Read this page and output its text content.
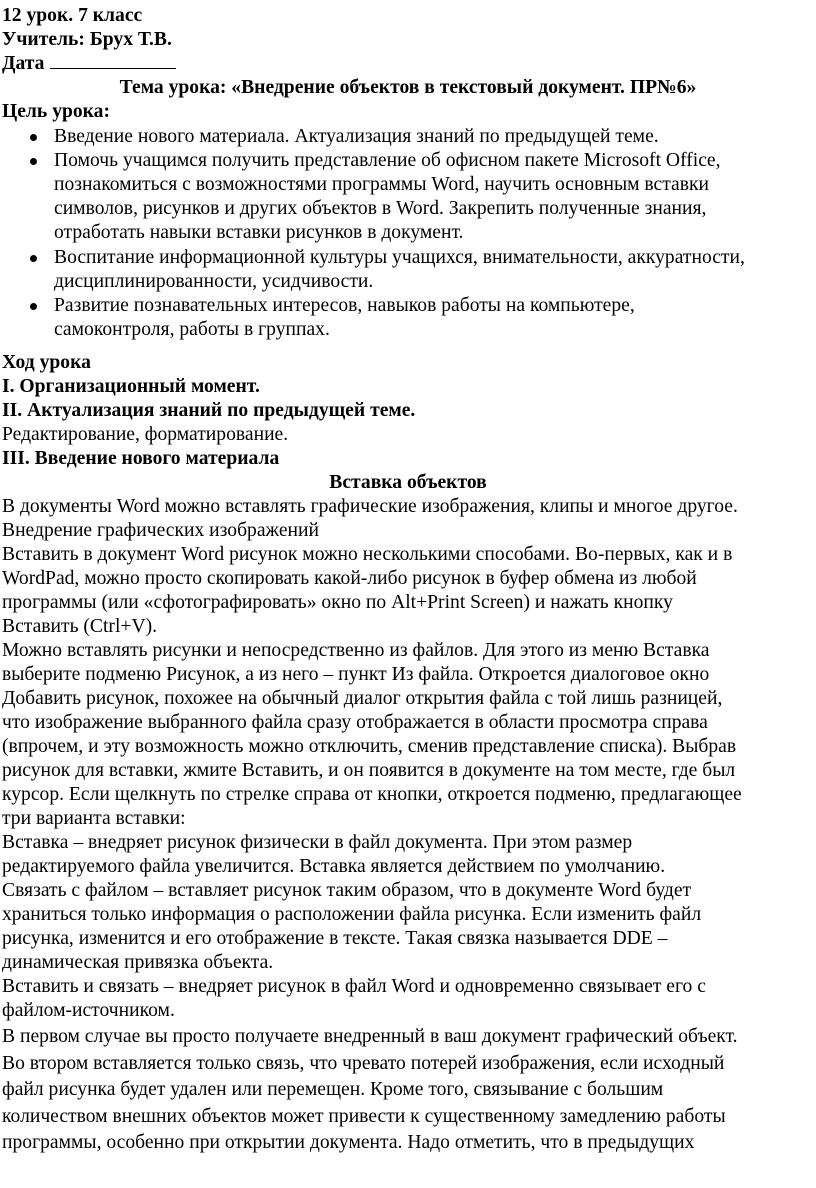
12 урок. 7 класс
Учитель: Брух Т.В.
Дата
Тема урока: «Внедрение объектов в текстовый документ. ПР№6»
Цель урока:
Введение нового материала. Актуализация знаний по предыдущей теме.
Помочь учащимся получить представление об офисном пакете Microsoft Office,
познакомиться с возможностями программы Word, научить основным вставки
символов, рисунков и других объектов в Word. Закрепить полученные знания,
отработать навыки вставки рисунков в документ.
Воспитание информационной культуры учащихся, внимательности, аккуратности,
дисциплинированности, усидчивости.
Развитие познавательных интересов, навыков работы на компьютере,
самоконтроля, работы в группах.
Ход урока
I. Организационный момент.
II. Актуализация знаний по предыдущей теме.
Редактирование, форматирование.
III. Введение нового материала
Вставка объектов
В документы Word можно вставлять графические изображения, клипы и многое другое.
Внедрение графических изображений
Вставить в документ Word рисунок можно несколькими способами. Во-первых, как и в
WordPad, можно просто скопировать какой-либо рисунок в буфер обмена из любой
программы (или «сфотографировать» окно по Alt+Print Screen) и нажать кнопку
Вставить (Ctrl+V).
Можно вставлять рисунки и непосредственно из файлов. Для этого из меню Вставка
выберите подменю Рисунок, а из него – пункт Из файла. Откроется диалоговое окно
Добавить рисунок, похожее на обычный диалог открытия файла с той лишь разницей,
что изображение выбранного файла сразу отображается в области просмотра справа
(впрочем, и эту возможность можно отключить, сменив представление списка). Выбрав
рисунок для вставки, жмите Вставить, и он появится в документе на том месте, где был
курсор. Если щелкнуть по стрелке справа от кнопки, откроется подменю, предлагающее
три варианта вставки:
Вставка – внедряет рисунок физически в файл документа. При этом размер
редактируемого файла увеличится. Вставка является действием по умолчанию.
Связать с файлом – вставляет рисунок таким образом, что в документе Word будет
храниться только информация о расположении файла рисунка. Если изменить файл
рисунка, изменится и его отображение в тексте. Такая связка называется DDE –
динамическая привязка объекта.
Вставить и связать – внедряет рисунок в файл Word и одновременно связывает его с
файлом-источником.
В первом случае вы просто получаете внедренный в ваш документ графический объект.
Во втором вставляется только связь, что чревато потерей изображения, если исходный
файл рисунка будет удален или перемещен. Кроме того, связывание с большим
количеством внешних объектов может привести к существенному замедлению работы
программы, особенно при открытии документа. Надо отметить, что в предыдущих
